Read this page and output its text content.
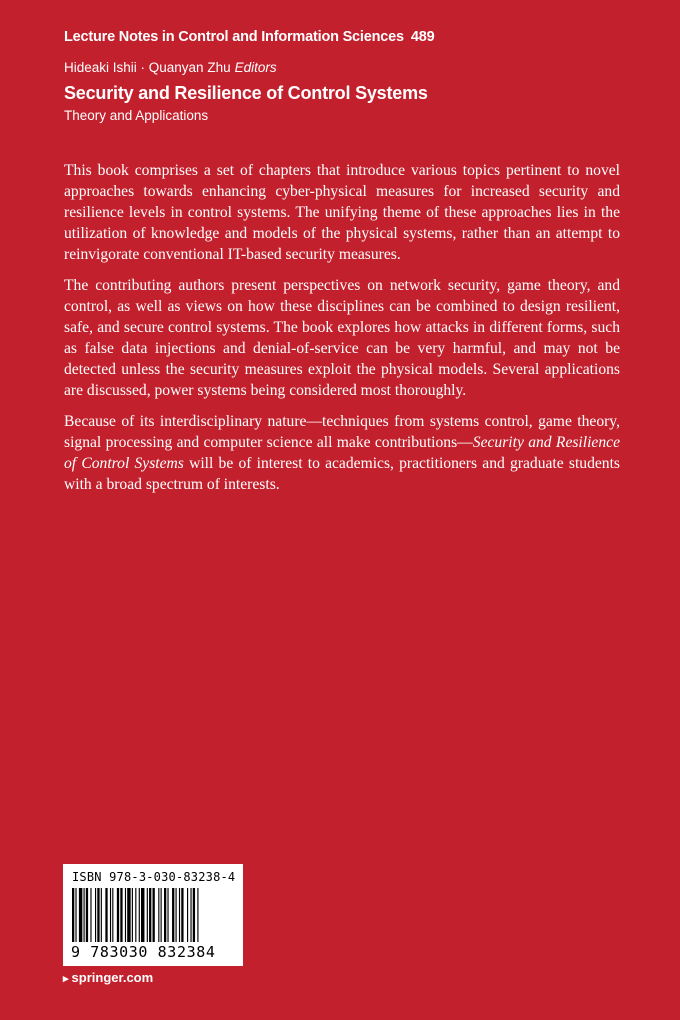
Lecture Notes in Control and Information Sciences 489
Hideaki Ishii · Quanyan Zhu Editors
Security and Resilience of Control Systems
Theory and Applications

This book comprises a set of chapters that introduce various topics pertinent to novel approaches towards enhancing cyber-physical measures for increased security and resilience levels in control systems. The unifying theme of these approaches lies in the utilization of knowledge and models of the physical systems, rather than an attempt to reinvigorate conventional IT-based security measures.

The contributing authors present perspectives on network security, game theory, and control, as well as views on how these disciplines can be combined to design resilient, safe, and secure control systems. The book explores how attacks in different forms, such as false data injections and denial-of-service can be very harmful, and may not be detected unless the security measures exploit the physical models. Several applications are discussed, power systems being considered most thoroughly.

Because of its interdisciplinary nature—techniques from systems control, game theory, signal processing and computer science all make contributions—Security and Resilience of Control Systems will be of interest to academics, practitioners and graduate students with a broad spectrum of interests.

ISBN 978-3-030-83238-4
9 783030 832384
▸ springer.com
